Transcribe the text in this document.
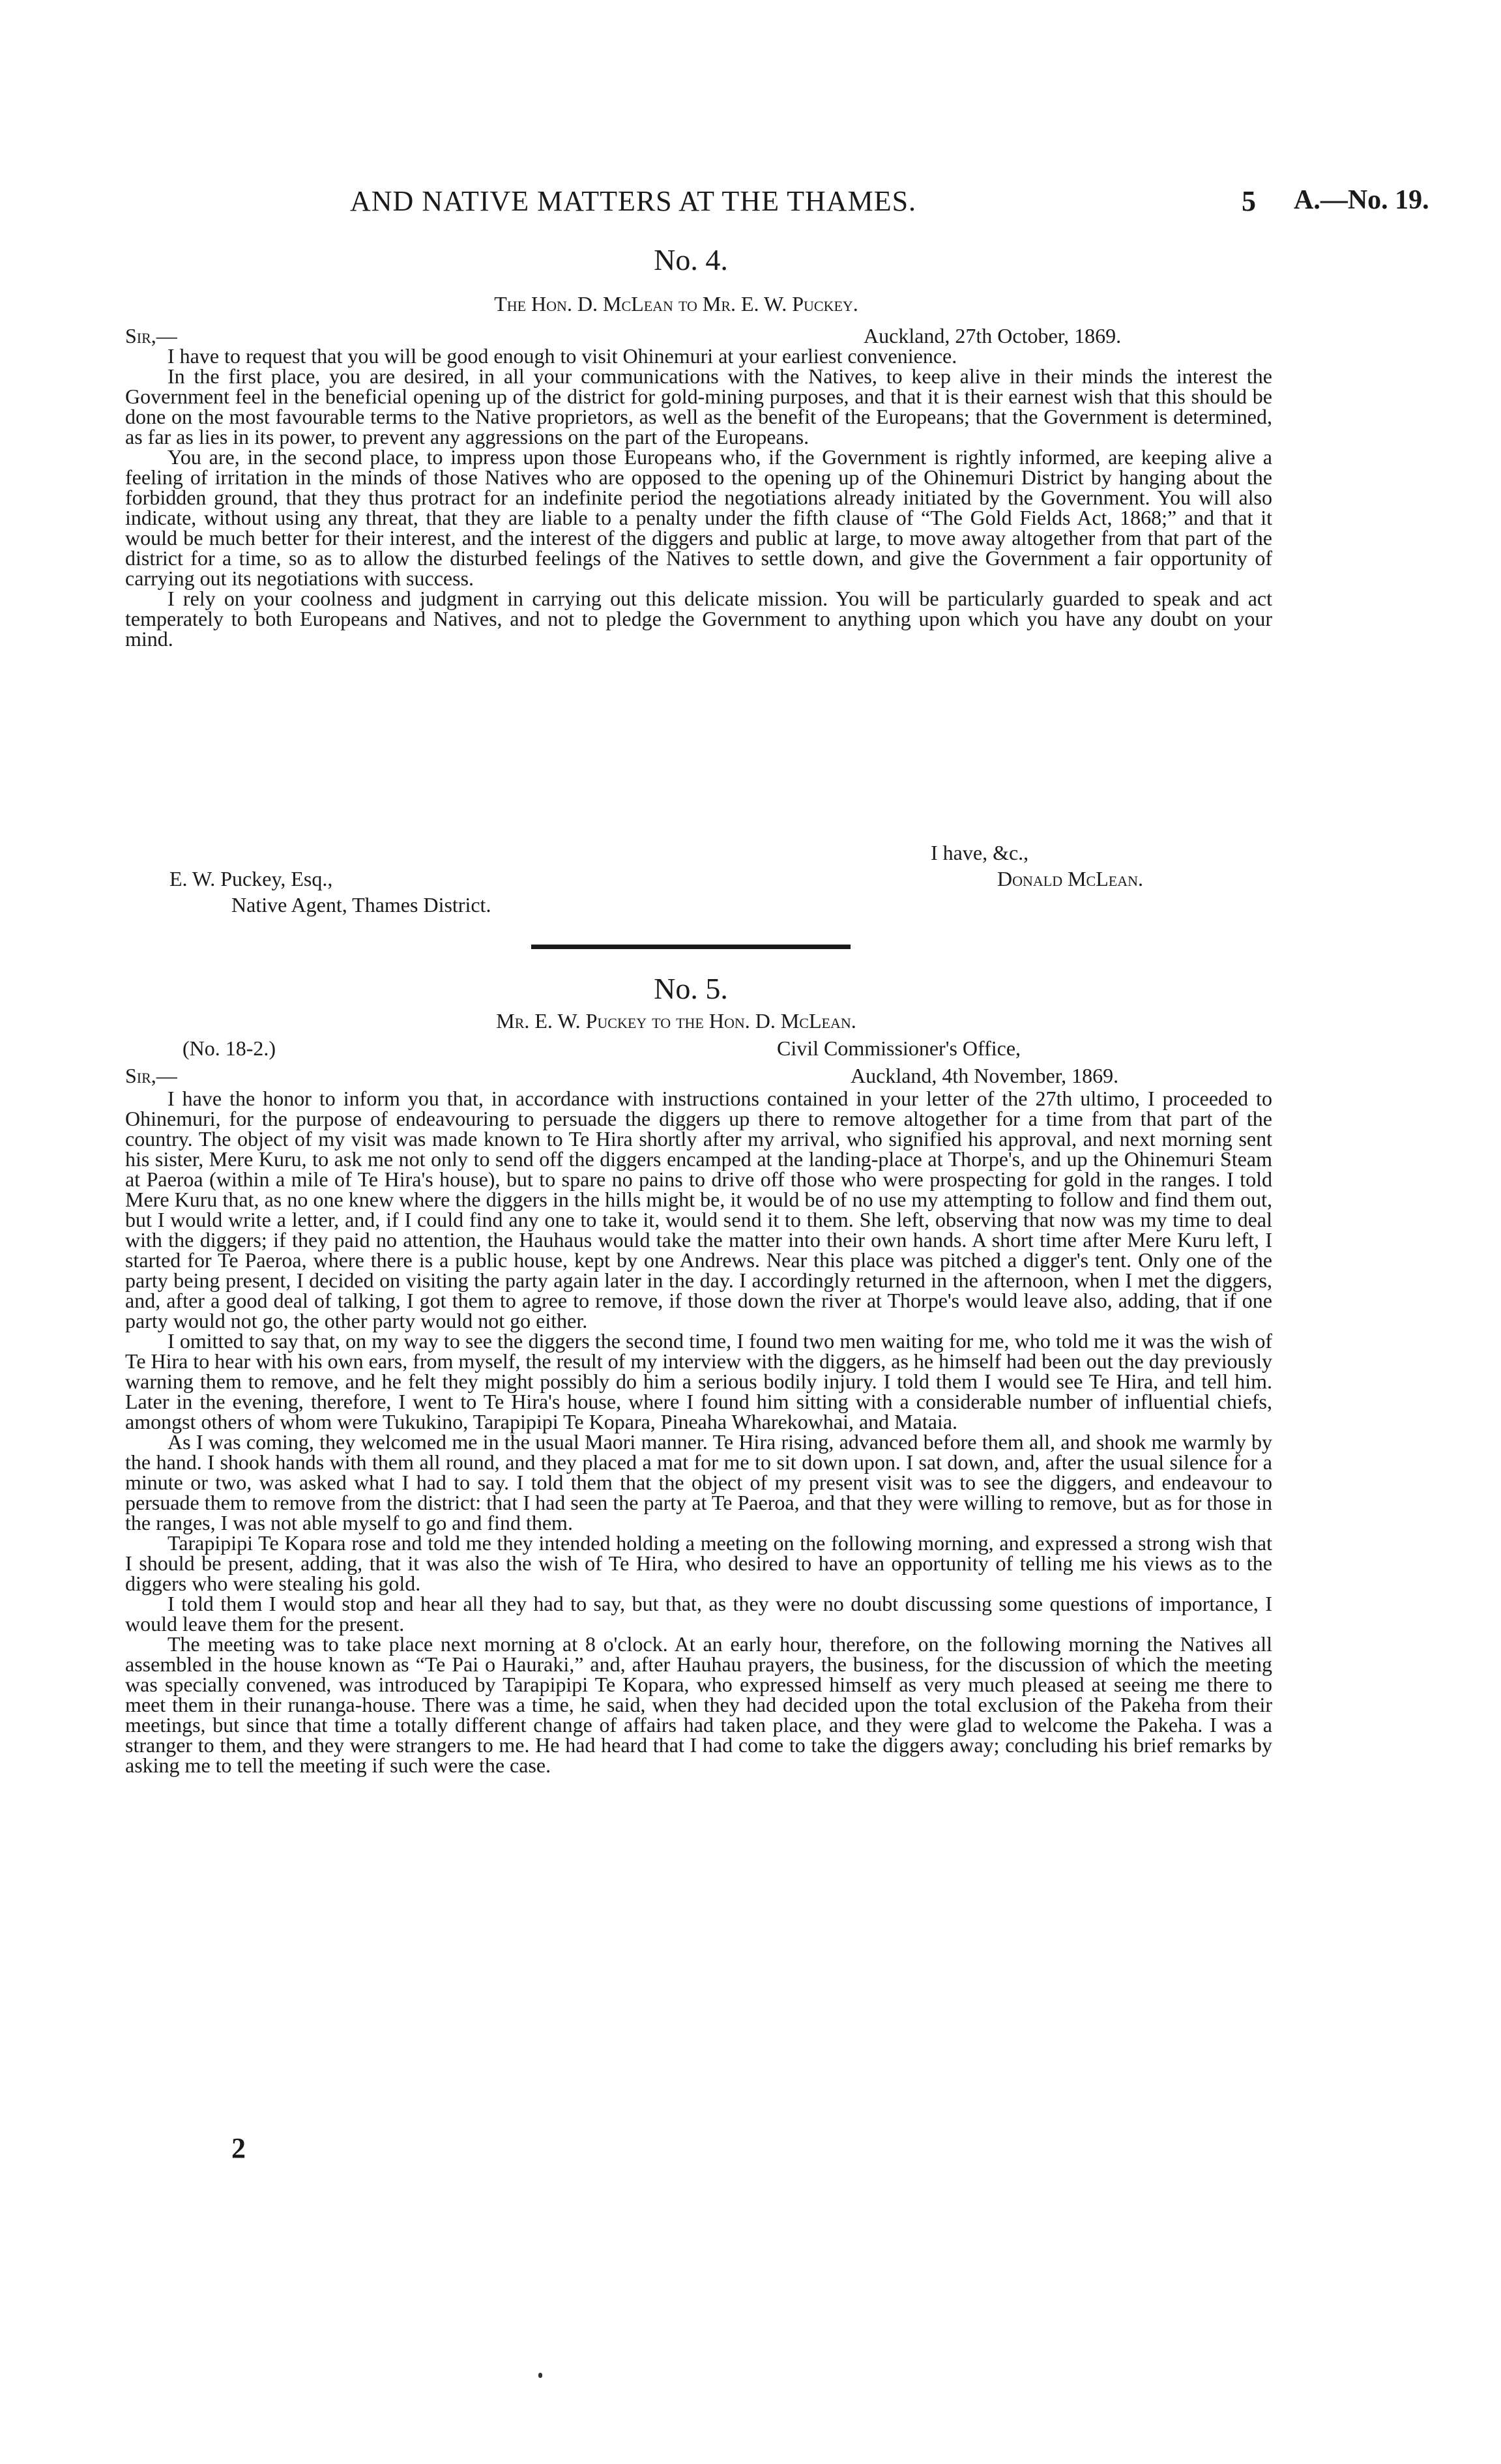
AND NATIVE MATTERS AT THE THAMES.	5 A.—No. 19.
No. 4.
The Hon. D. McLean to Mr. E. W. Puckey.
Sir,—	Auckland, 27th October, 1869.

I have to request that you will be good enough to visit Ohinemuri at your earliest convenience.

In the first place, you are desired, in all your communications with the Natives, to keep alive in their minds the interest the Government feel in the beneficial opening up of the district for gold-mining purposes, and that it is their earnest wish that this should be done on the most favourable terms to the Native proprietors, as well as the benefit of the Europeans; that the Government is determined, as far as lies in its power, to prevent any aggressions on the part of the Europeans.

You are, in the second place, to impress upon those Europeans who, if the Government is rightly informed, are keeping alive a feeling of irritation in the minds of those Natives who are opposed to the opening up of the Ohinemuri District by hanging about the forbidden ground, that they thus protract for an indefinite period the negotiations already initiated by the Government. You will also indicate, without using any threat, that they are liable to a penalty under the fifth clause of “The Gold Fields Act, 1868;” and that it would be much better for their interest, and the interest of the diggers and public at large, to move away altogether from that part of the district for a time, so as to allow the disturbed feelings of the Natives to settle down, and give the Government a fair opportunity of carrying out its negotiations with success.

I rely on your coolness and judgment in carrying out this delicate mission. You will be particularly guarded to speak and act temperately to both Europeans and Natives, and not to pledge the Government to anything upon which you have any doubt on your mind.

I have, &c.,
E. W. Puckey, Esq.,	Donald McLean.
Native Agent, Thames District.
No. 5.
Mr. E. W. Puckey to the Hon. D. McLean.
(No. 18-2.)	Civil Commissioner's Office,
Sir,—	Auckland, 4th November, 1869.

I have the honor to inform you that, in accordance with instructions contained in your letter of the 27th ultimo, I proceeded to Ohinemuri, for the purpose of endeavouring to persuade the diggers up there to remove altogether for a time from that part of the country. The object of my visit was made known to Te Hira shortly after my arrival, who signified his approval, and next morning sent his sister, Mere Kuru, to ask me not only to send off the diggers encamped at the landing-place at Thorpe's, and up the Ohinemuri Steam at Paeroa (within a mile of Te Hira's house), but to spare no pains to drive off those who were prospecting for gold in the ranges. I told Mere Kuru that, as no one knew where the diggers in the hills might be, it would be of no use my attempting to follow and find them out, but I would write a letter, and, if I could find any one to take it, would send it to them. She left, observing that now was my time to deal with the diggers; if they paid no attention, the Hauhaus would take the matter into their own hands. A short time after Mere Kuru left, I started for Te Paeroa, where there is a public house, kept by one Andrews. Near this place was pitched a digger's tent. Only one of the party being present, I decided on visiting the party again later in the day. I accordingly returned in the afternoon, when I met the diggers, and, after a good deal of talking, I got them to agree to remove, if those down the river at Thorpe's would leave also, adding, that if one party would not go, the other party would not go either.

I omitted to say that, on my way to see the diggers the second time, I found two men waiting for me, who told me it was the wish of Te Hira to hear with his own ears, from myself, the result of my interview with the diggers, as he himself had been out the day previously warning them to remove, and he felt they might possibly do him a serious bodily injury. I told them I would see Te Hira, and tell him. Later in the evening, therefore, I went to Te Hira's house, where I found him sitting with a considerable number of influential chiefs, amongst others of whom were Tukukino, Tarapipipi Te Kopara, Pineaha Wharekowhai, and Mataia.

As I was coming, they welcomed me in the usual Maori manner. Te Hira rising, advanced before them all, and shook me warmly by the hand. I shook hands with them all round, and they placed a mat for me to sit down upon. I sat down, and, after the usual silence for a minute or two, was asked what I had to say. I told them that the object of my present visit was to see the diggers, and endeavour to persuade them to remove from the district: that I had seen the party at Te Paeroa, and that they were willing to remove, but as for those in the ranges, I was not able myself to go and find them.

Tarapipipi Te Kopara rose and told me they intended holding a meeting on the following morning, and expressed a strong wish that I should be present, adding, that it was also the wish of Te Hira, who desired to have an opportunity of telling me his views as to the diggers who were stealing his gold.

I told them I would stop and hear all they had to say, but that, as they were no doubt discussing some questions of importance, I would leave them for the present.

The meeting was to take place next morning at 8 o'clock. At an early hour, therefore, on the following morning the Natives all assembled in the house known as “Te Pai o Hauraki,” and, after Hauhau prayers, the business, for the discussion of which the meeting was specially convened, was introduced by Tarapipipi Te Kopara, who expressed himself as very much pleased at seeing me there to meet them in their runanga-house. There was a time, he said, when they had decided upon the total exclusion of the Pakeha from their meetings, but since that time a totally different change of affairs had taken place, and they were glad to welcome the Pakeha. I was a stranger to them, and they were strangers to me. He had heard that I had come to take the diggers away; concluding his brief remarks by asking me to tell the meeting if such were the case.

2
